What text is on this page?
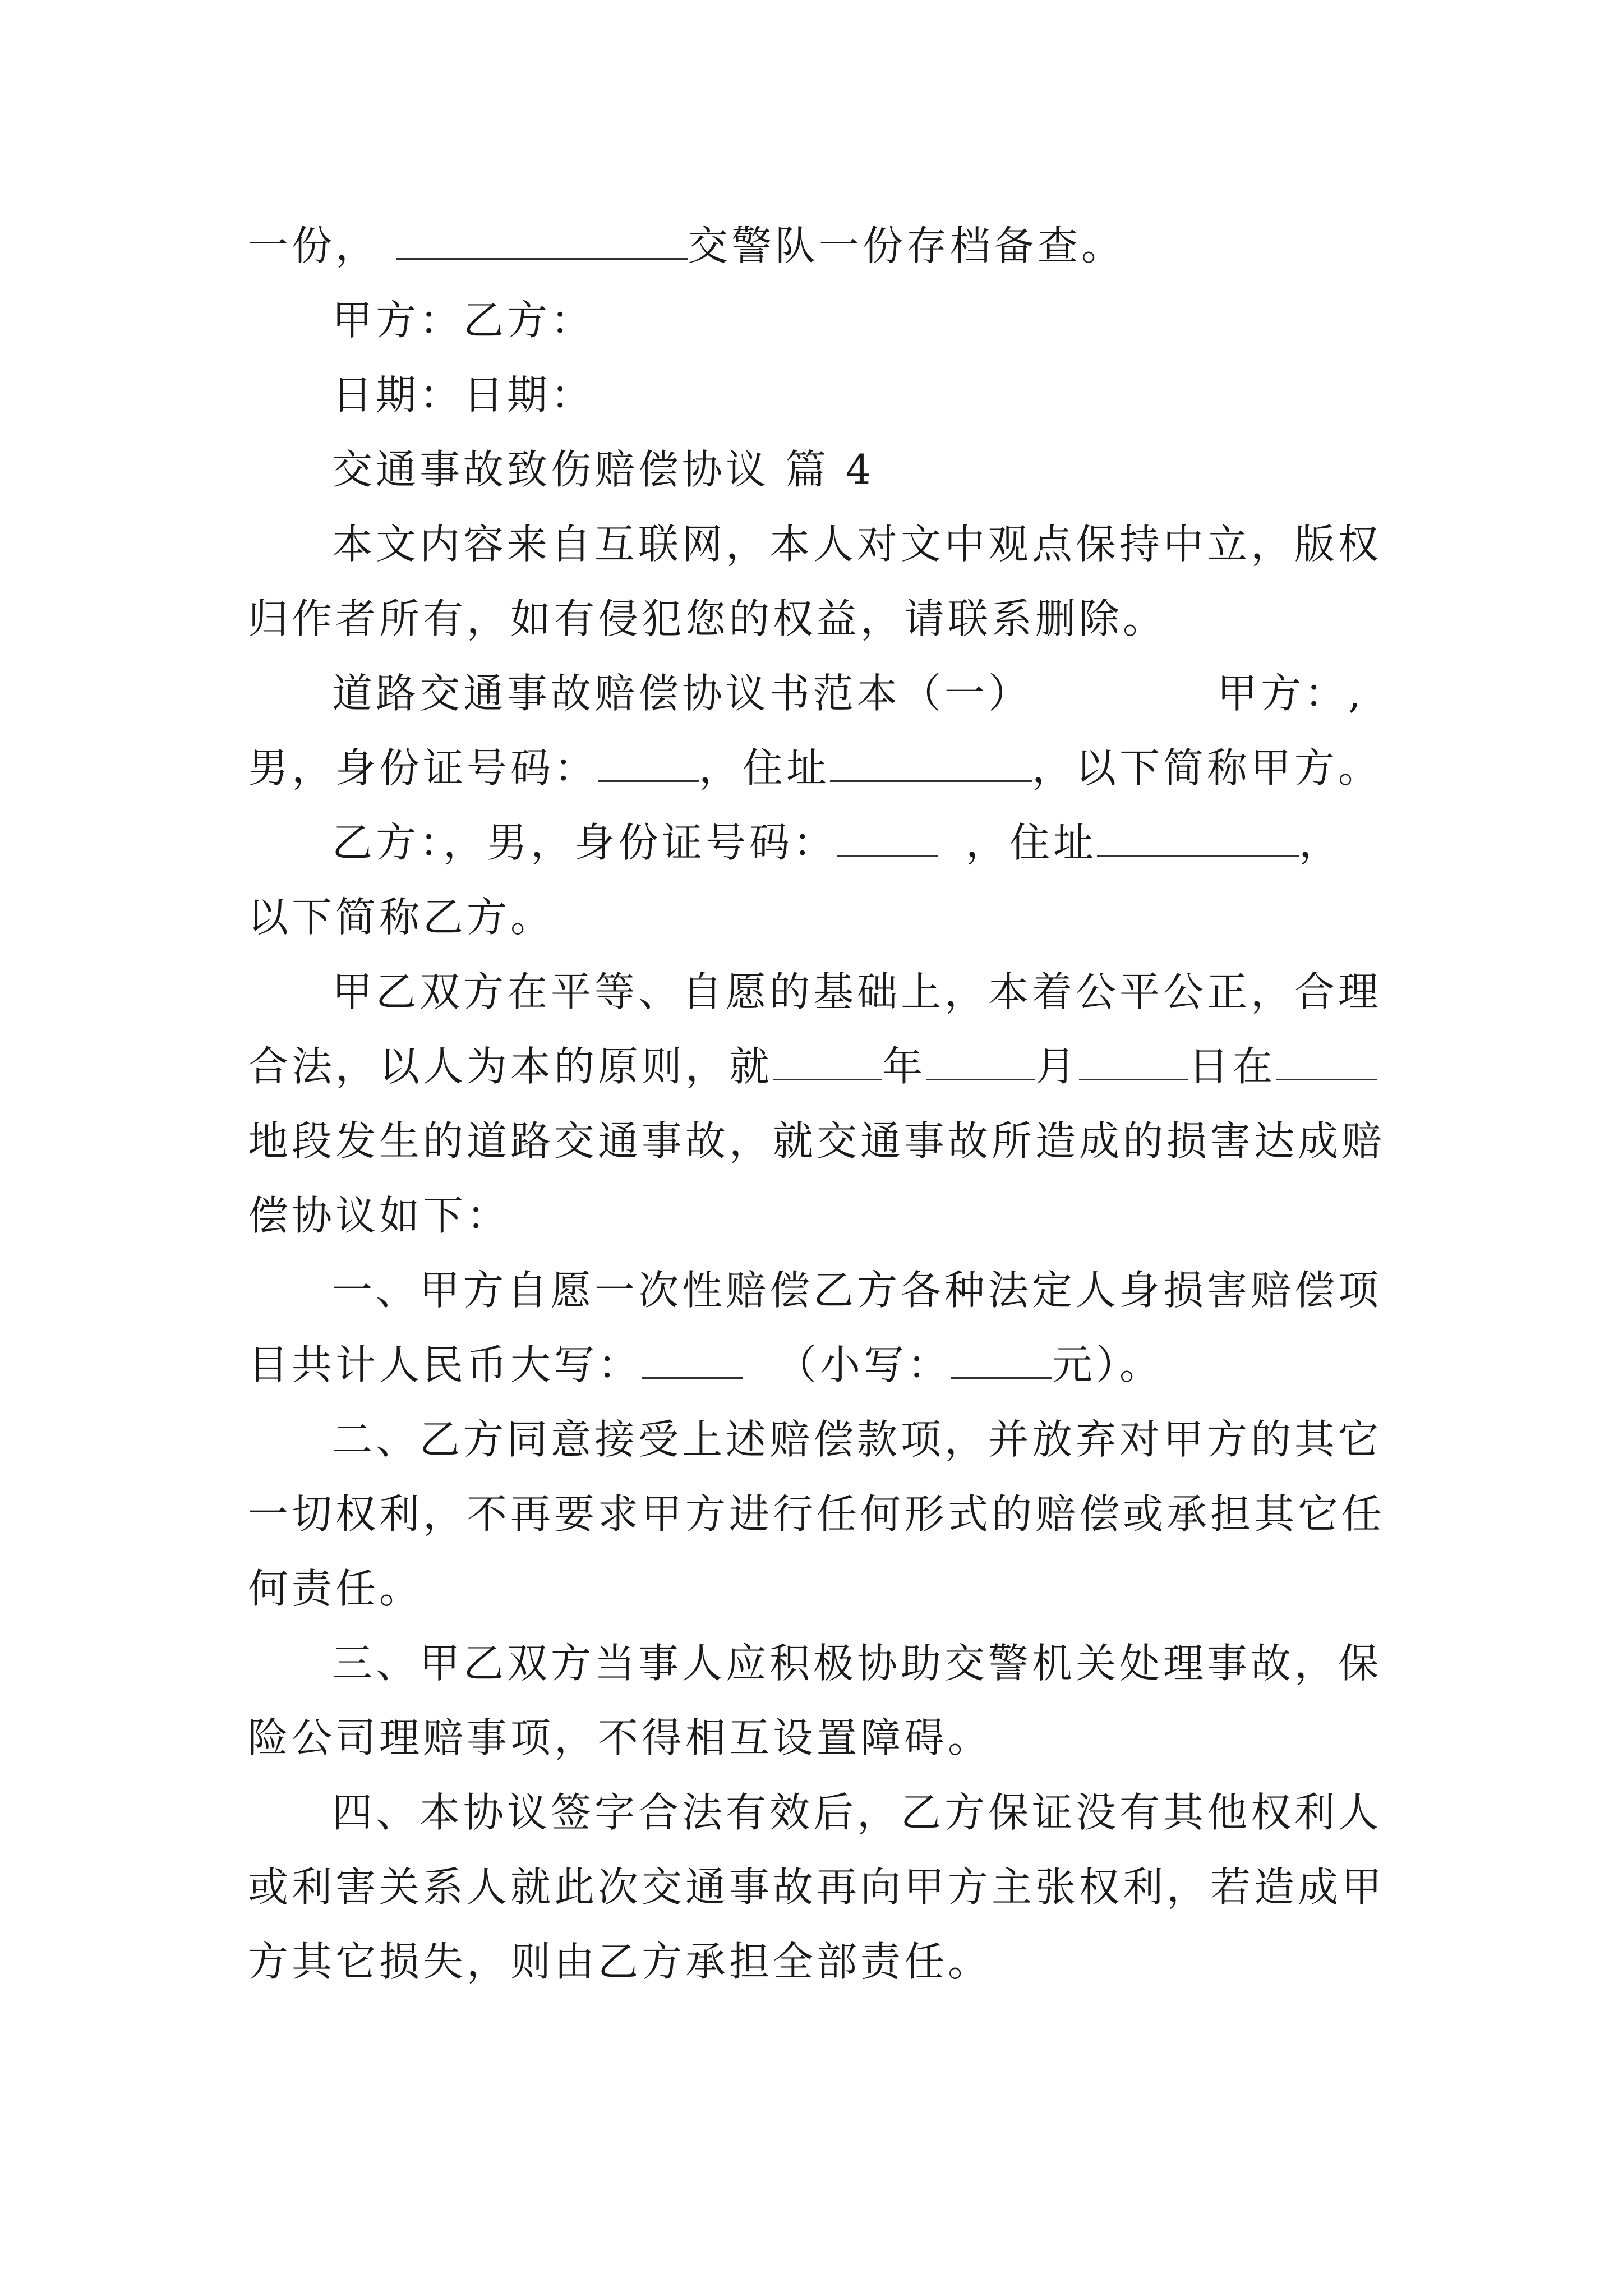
一份，	交警队一份存档备查。
甲方：乙方：
日期：日期：
交通事故致伤赔偿协议 篇 4
本文内容来自互联网，本人对文中观点保持中立，版权
归作者所有，如有侵犯您的权益，请联系删除。
道路交通事故赔偿协议书范本（一）	甲方：,
男，身份证号码：	，住址	，以下简称甲方。
乙方：，男，身份证号码：	，住址	，
以下简称乙方。
甲乙双方在平等、自愿的基础上，本着公平公正，合理
合法，以人为本的原则，就	年	月	日在
地段发生的道路交通事故，就交通事故所造成的损害达成赔
偿协议如下：
一、甲方自愿一次性赔偿乙方各种法定人身损害赔偿项
目共计人民币大写：	（小写：	元）。
二、乙方同意接受上述赔偿款项，并放弃对甲方的其它
一切权利，不再要求甲方进行任何形式的赔偿或承担其它任
何责任。
三、甲乙双方当事人应积极协助交警机关处理事故，保
险公司理赔事项，不得相互设置障碍。
四、本协议签字合法有效后，乙方保证没有其他权利人
或利害关系人就此次交通事故再向甲方主张权利，若造成甲
方其它损失，则由乙方承担全部责任。
